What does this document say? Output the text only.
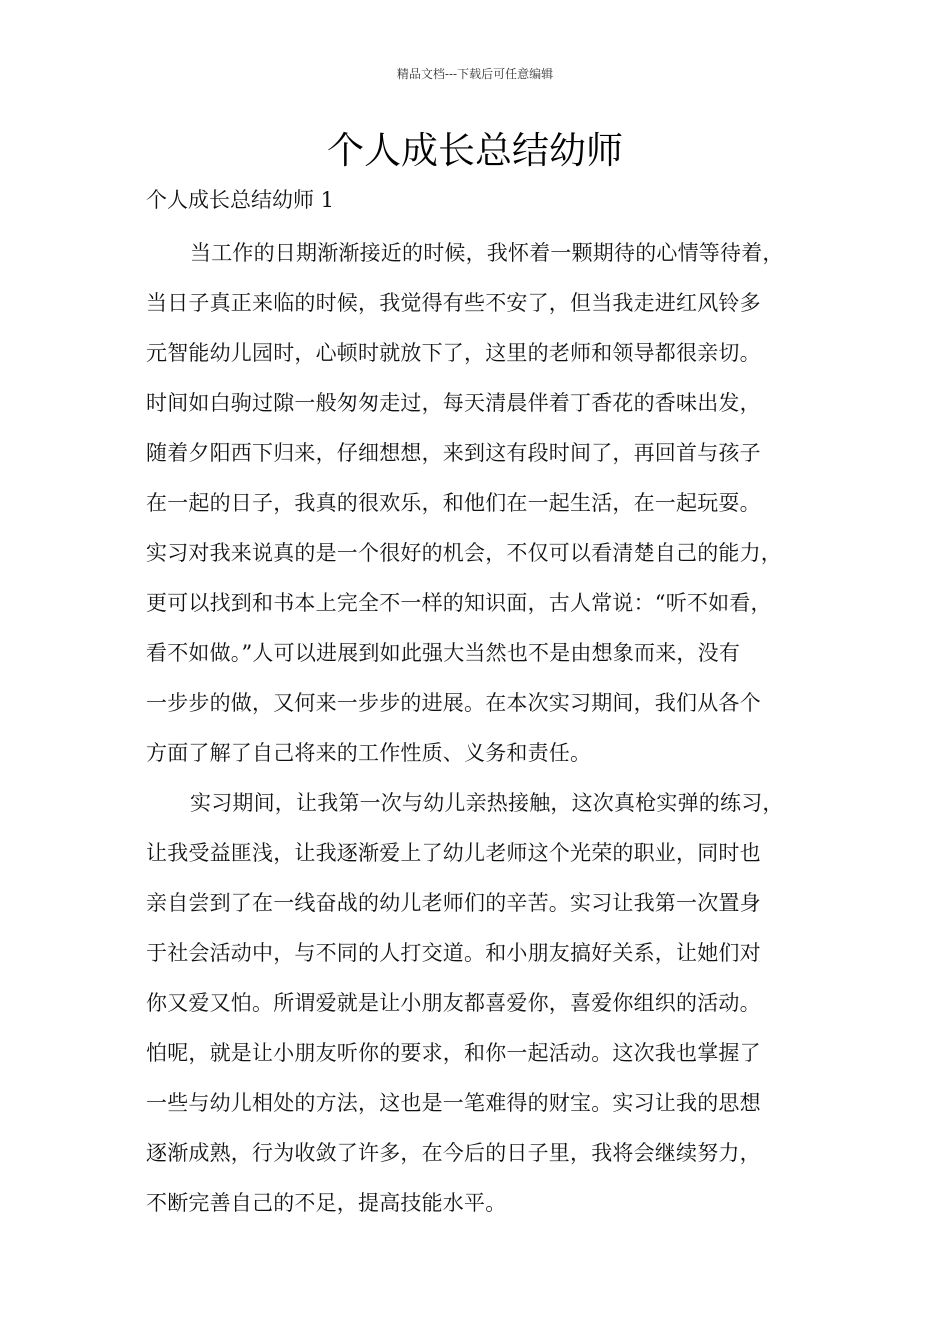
精品文档---下载后可任意编辑
个人成长总结幼师
个人成长总结幼师 1
当工作的日期渐渐接近的时候，我怀着一颗期待的心情等待着，
当日子真正来临的时候，我觉得有些不安了，但当我走进红风铃多
元智能幼儿园时，心顿时就放下了，这里的老师和领导都很亲切。
时间如白驹过隙一般匆匆走过，每天清晨伴着丁香花的香味出发，
随着夕阳西下归来，仔细想想，来到这有段时间了，再回首与孩子
在一起的日子，我真的很欢乐，和他们在一起生活，在一起玩耍。
实习对我来说真的是一个很好的机会，不仅可以看清楚自己的能力，
更可以找到和书本上完全不一样的知识面，古人常说：“听不如看，
看不如做。”人可以进展到如此强大当然也不是由想象而来，没有
一步步的做，又何来一步步的进展。在本次实习期间，我们从各个
方面了解了自己将来的工作性质、义务和责任。
实习期间，让我第一次与幼儿亲热接触，这次真枪实弹的练习，
让我受益匪浅，让我逐渐爱上了幼儿老师这个光荣的职业，同时也
亲自尝到了在一线奋战的幼儿老师们的辛苦。实习让我第一次置身
于社会活动中，与不同的人打交道。和小朋友搞好关系，让她们对
你又爱又怕。所谓爱就是让小朋友都喜爱你，喜爱你组织的活动。
怕呢，就是让小朋友听你的要求，和你一起活动。这次我也掌握了
一些与幼儿相处的方法，这也是一笔难得的财宝。实习让我的思想
逐渐成熟，行为收敛了许多，在今后的日子里，我将会继续努力，
不断完善自己的不足，提高技能水平。
